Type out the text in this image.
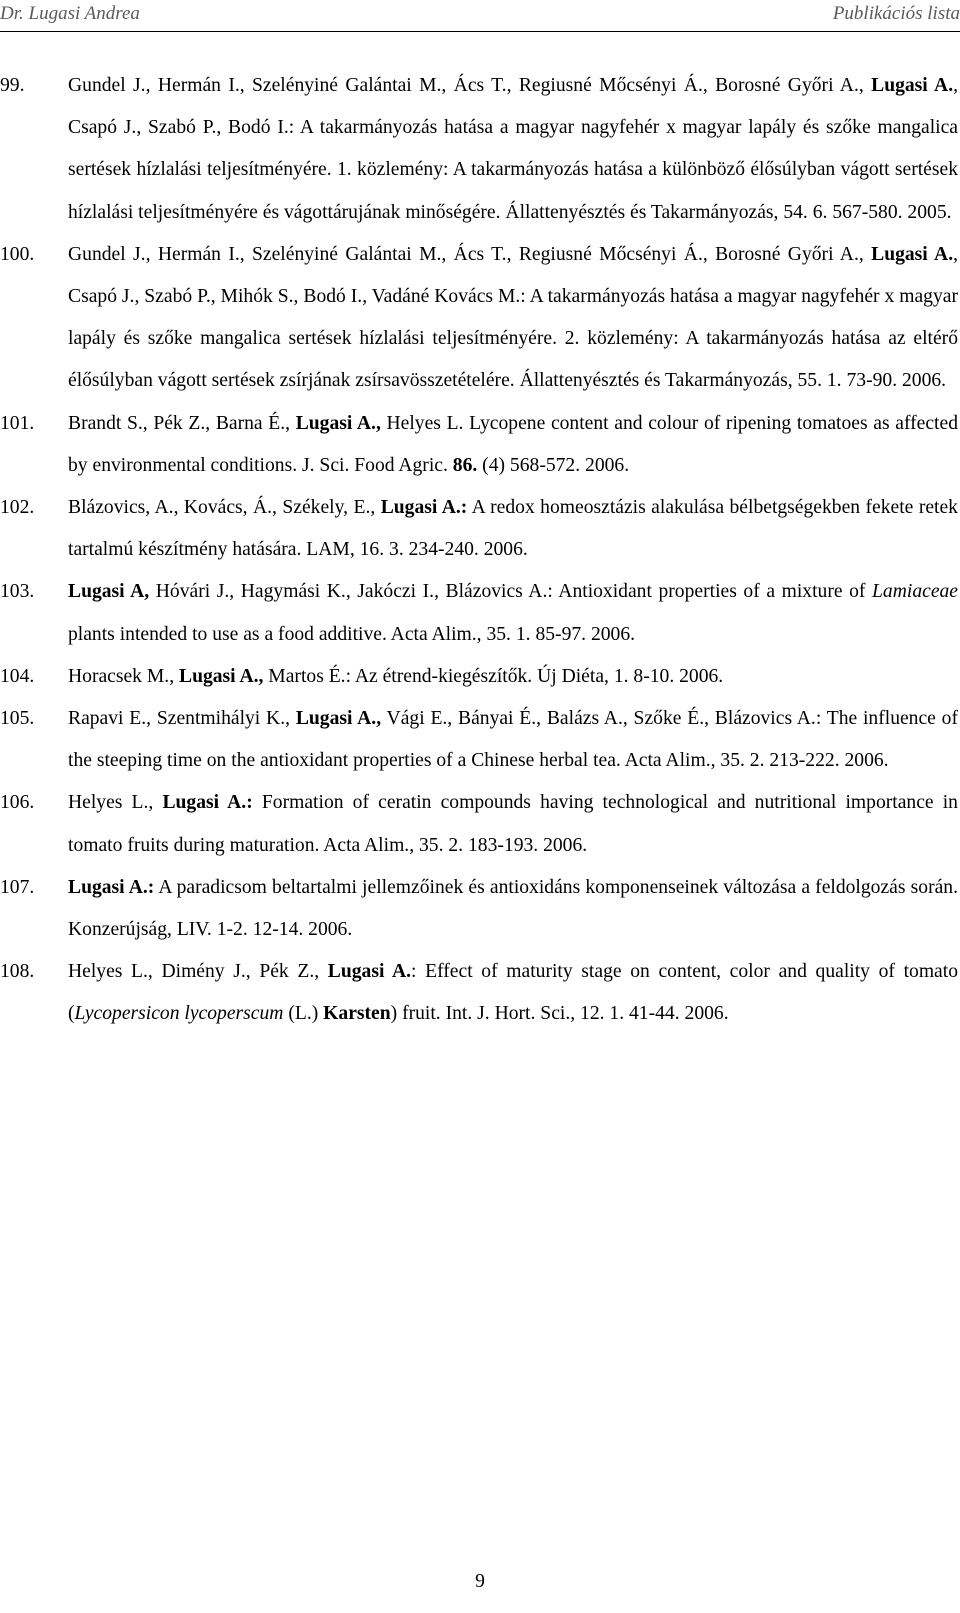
Dr. Lugasi Andrea	Publikációs lista
99. Gundel J., Hermán I., Szelényiné Galántai M., Ács T., Regiusné Mőcsényi Á., Borosné Győri A., Lugasi A., Csapó J., Szabó P., Bodó I.: A takarmányozás hatása a magyar nagyfehér x magyar lapály és szőke mangalica sertések hízlalási teljesítményére. 1. közlemény: A takarmányozás hatása a különböző élősúlyban vágott sertések hízlalási teljesítményére és vágottárujának minőségére. Állattenyésztés és Takarmányozás, 54. 6. 567-580. 2005.
100. Gundel J., Hermán I., Szelényiné Galántai M., Ács T., Regiusné Mőcsényi Á., Borosné Győri A., Lugasi A., Csapó J., Szabó P., Mihók S., Bodó I., Vadáné Kovács M.: A takarmányozás hatása a magyar nagyfehér x magyar lapály és szőke mangalica sertések hízlalási teljesítményére. 2. közlemény: A takarmányozás hatása az eltérő élősúlyban vágott sertések zsírjának zsírsavösszetételére. Állattenyésztés és Takarmányozás, 55. 1. 73-90. 2006.
101. Brandt S., Pék Z., Barna É., Lugasi A., Helyes L. Lycopene content and colour of ripening tomatoes as affected by environmental conditions. J. Sci. Food Agric. 86. (4) 568-572. 2006.
102. Blázovics, A., Kovács, Á., Székely, E., Lugasi A.: A redox homeosztázis alakulása bélbetgségekben fekete retek tartalmú készítmény hatására. LAM, 16. 3. 234-240. 2006.
103. Lugasi A, Hóvári J., Hagymási K., Jakóczi I., Blázovics A.: Antioxidant properties of a mixture of Lamiaceae plants intended to use as a food additive. Acta Alim., 35. 1. 85-97. 2006.
104. Horacsek M., Lugasi A., Martos É.: Az étrend-kiegészítők. Új Diéta, 1. 8-10. 2006.
105. Rapavi E., Szentmihályi K., Lugasi A., Vági E., Bányai É., Balázs A., Szőke É., Blázovics A.: The influence of the steeping time on the antioxidant properties of a Chinese herbal tea. Acta Alim., 35. 2. 213-222. 2006.
106. Helyes L., Lugasi A.: Formation of ceratin compounds having technological and nutritional importance in tomato fruits during maturation. Acta Alim., 35. 2. 183-193. 2006.
107. Lugasi A.: A paradicsom beltartalmi jellemzőinek és antioxidáns komponenseinek változása a feldolgozás során. Konzerújság, LIV. 1-2. 12-14. 2006.
108. Helyes L., Dimény J., Pék Z., Lugasi A.: Effect of maturity stage on content, color and quality of tomato (Lycopersicon lycoperscum (L.) Karsten) fruit. Int. J. Hort. Sci., 12. 1. 41-44. 2006.
9
